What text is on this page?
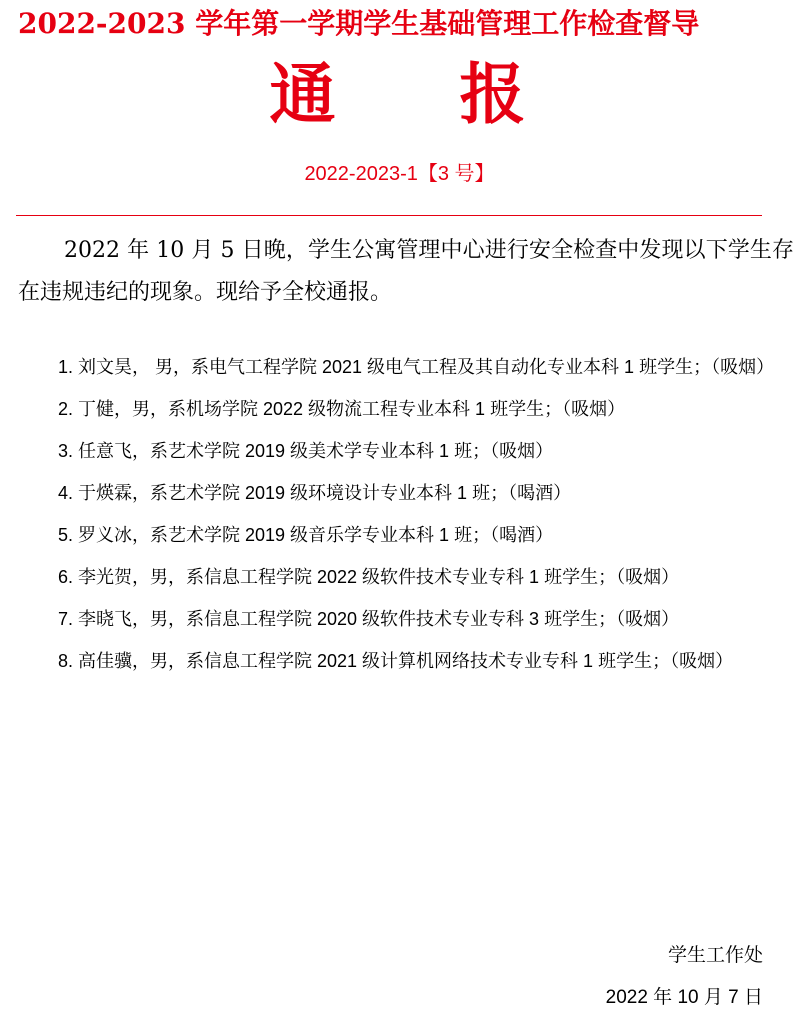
2022-2023 学年第一学期学生基础管理工作检查督导
通 报
2022-2023-1【3 号】
2022 年 10 月 5 日晚，学生公寓管理中心进行安全检查中发现以下学生存在违规违纪的现象。现给予全校通报。
1. 刘文昊， 男，系电气工程学院 2021 级电气工程及其自动化专业本科 1 班学生；（吸烟）
2. 丁健，男，系机场学院 2022 级物流工程专业本科 1 班学生；（吸烟）
3. 任意飞，系艺术学院 2019 级美术学专业本科 1 班；（吸烟）
4. 于煐霖，系艺术学院 2019 级环境设计专业本科 1 班；（喝酒）
5. 罗义冰，系艺术学院 2019 级音乐学专业本科 1 班；（喝酒）
6. 李光贺，男，系信息工程学院 2022 级软件技术专业专科 1 班学生；（吸烟）
7. 李晓飞，男，系信息工程学院 2020 级软件技术专业专科 3 班学生；（吸烟）
8. 高佳骥，男，系信息工程学院 2021 级计算机网络技术专业专科 1 班学生；（吸烟）
学生工作处
2022 年 10 月 7 日
